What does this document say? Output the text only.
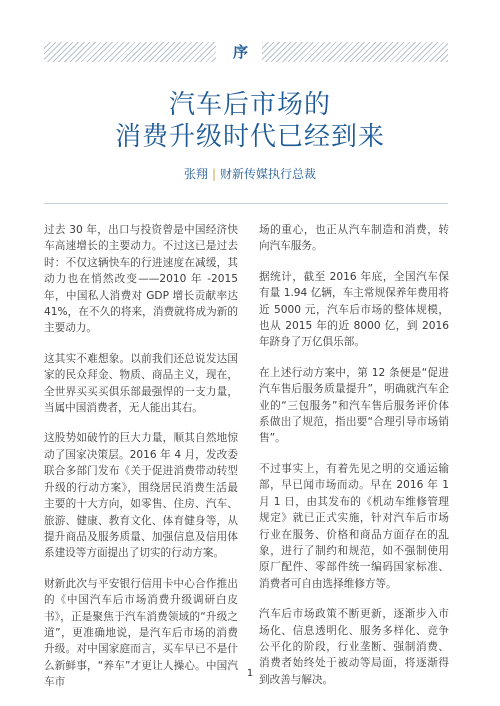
序
汽车后市场的
消费升级时代已经到来
张翔 | 财新传媒执行总裁

过去 30 年，出口与投资曾是中国经济快车高速增长的主要动力。不过这已是过去时：不仅这辆快车的行进速度在减缓，其动力也在悄然改变——2010 年 -2015 年，中国私人消费对 GDP 增长贡献率达 41%，在不久的将来，消费就将成为新的主要动力。

这其实不难想象。以前我们还总说发达国家的民众拜金、物质、商品主义，现在，全世界买买买俱乐部最强悍的一支力量，当属中国消费者，无人能出其右。

这股势如破竹的巨大力量，顺其自然地惊动了国家决策层。2016 年 4 月，发改委联合多部门发布《关于促进消费带动转型升级的行动方案》，围绕居民消费生活最主要的十大方向，如零售、住房、汽车、旅游、健康、教育文化、体育健身等，从提升商品及服务质量、加强信息及信用体系建设等方面提出了切实的行动方案。

财新此次与平安银行信用卡中心合作推出的《中国汽车后市场消费升级调研白皮书》，正是聚焦于汽车消费领域的“升级之道”，更准确地说，是汽车后市场的消费升级。对中国家庭而言，买车早已不是什么新鲜事，“养车”才更让人操心。中国汽车市

场的重心，也正从汽车制造和消费，转向汽车服务。

据统计，截至 2016 年底，全国汽车保有量 1.94 亿辆，车主常规保养年费用将近 5000 元，汽车后市场的整体规模，也从 2015 年的近 8000 亿，到 2016 年跻身了万亿俱乐部。

在上述行动方案中，第 12 条便是“促进汽车售后服务质量提升”，明确就汽车企业的“三包服务”和汽车售后服务评价体系做出了规范，指出要“合理引导市场销售”。

不过事实上，有着先见之明的交通运输部，早已闻市场而动。早在 2016 年 1 月 1 日，由其发布的《机动车维修管理规定》就已正式实施，针对汽车后市场行业在服务、价格和商品方面存在的乱象，进行了制约和规范，如不强制使用原厂配件、零部件统一编码国家标准、消费者可自由选择维修方等。

汽车后市场政策不断更新，逐渐步入市场化、信息透明化、服务多样化、竞争公平化的阶段，行业垄断、强制消费、消费者始终处于被动等局面，将逐渐得到改善与解决。

1
